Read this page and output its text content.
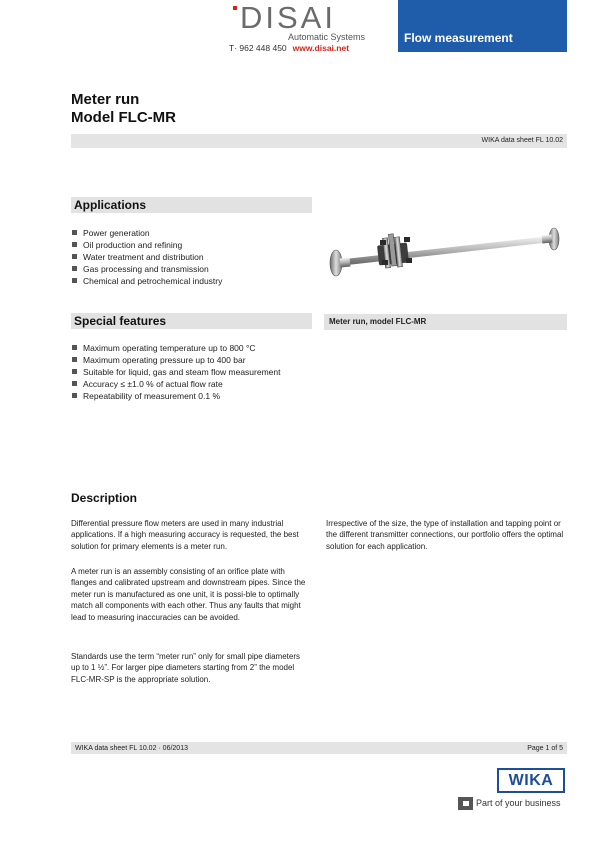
DISAI
Automatic Systems
T· 962 448 450 www.disai.net
Flow measurement
Meter run
Model FLC-MR
WIKA data sheet FL 10.02
Applications
Power generation
Oil production and refining
Water treatment and distribution
Gas processing and transmission
Chemical and petrochemical industry
Meter run, model FLC-MR
Special features
Maximum operating temperature up to 800 °C
Maximum operating pressure up to 400 bar
Suitable for liquid, gas and steam flow measurement
Accuracy ≤ ±1.0 % of actual flow rate
Repeatability of measurement 0.1 %
Description
Differential pressure flow meters are used in many industrial applications. If a high measuring accuracy is requested, the best solution for primary elements is a meter run.
A meter run is an assembly consisting of an orifice plate with flanges and calibrated upstream and downstream pipes. Since the meter run is manufactured as one unit, it is possi-ble to optimally match all components with each other. Thus any faults that might lead to measuring inaccuracies can be avoided.
Standards use the term “meter run” only for small pipe diameters up to 1 ½”. For larger pipe diameters starting from 2” the model FLC-MR-SP is the appropriate solution.
Irrespective of the size, the type of installation and tapping point or the different transmitter connections, our portfolio offers the optimal solution for each application.
WIKA data sheet FL 10.02 · 06/2013	Page 1 of 5
WIKA
Part of your business
